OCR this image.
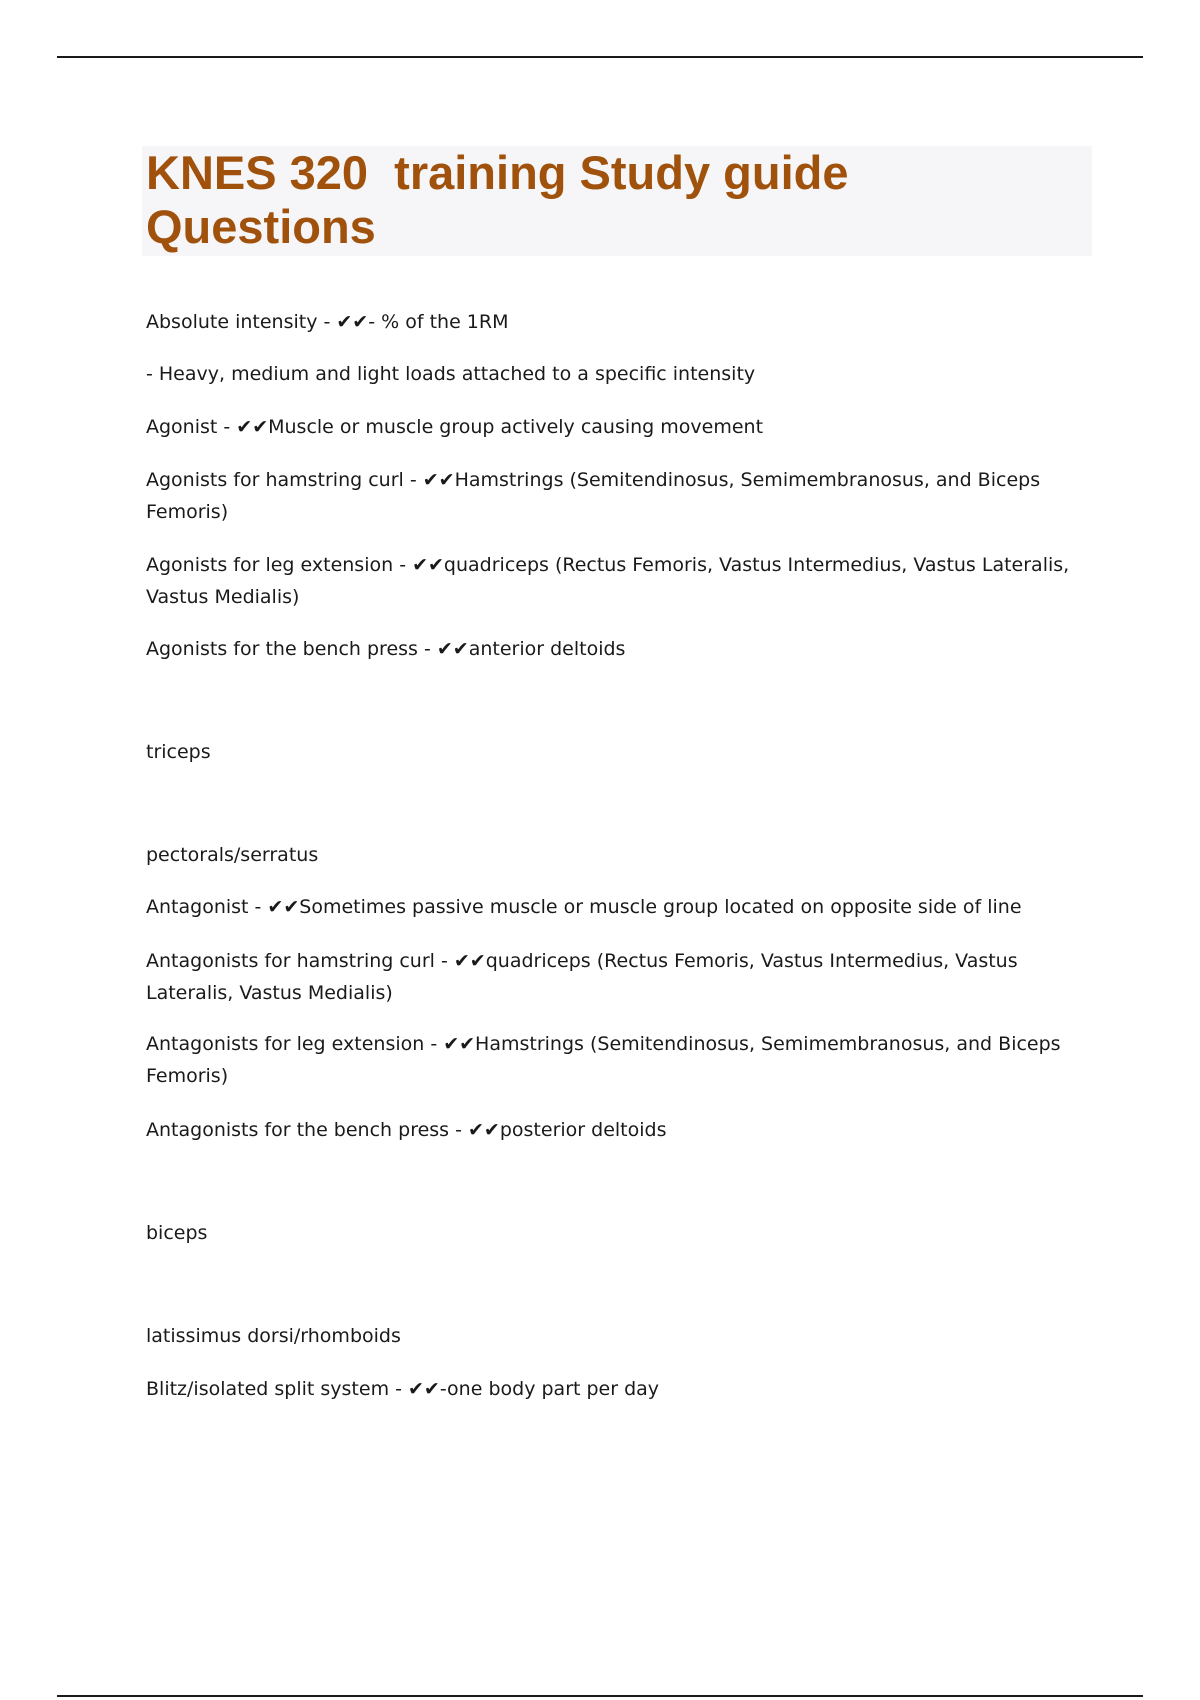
KNES 320  training Study guide Questions

Absolute intensity - ✔✔- % of the 1RM

- Heavy, medium and light loads attached to a specific intensity

Agonist - ✔✔Muscle or muscle group actively causing movement

Agonists for hamstring curl - ✔✔Hamstrings (Semitendinosus, Semimembranosus, and Biceps Femoris)

Agonists for leg extension - ✔✔quadriceps (Rectus Femoris, Vastus Intermedius, Vastus Lateralis, Vastus Medialis)

Agonists for the bench press - ✔✔anterior deltoids

triceps

pectorals/serratus

Antagonist - ✔✔Sometimes passive muscle or muscle group located on opposite side of line

Antagonists for hamstring curl - ✔✔quadriceps (Rectus Femoris, Vastus Intermedius, Vastus Lateralis, Vastus Medialis)

Antagonists for leg extension - ✔✔Hamstrings (Semitendinosus, Semimembranosus, and Biceps Femoris)

Antagonists for the bench press - ✔✔posterior deltoids

biceps

latissimus dorsi/rhomboids

Blitz/isolated split system - ✔✔-one body part per day
